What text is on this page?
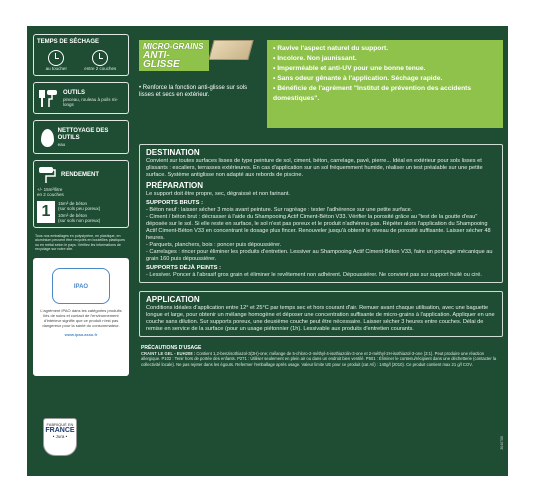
TEMPS DE SÉCHAGE
au toucher	entre 2 couches
OUTILS
pinceau, rouleau à poils mi-longs
NETTOYAGE DES OUTILS
eau
RENDEMENT
+/- 15m²/litre
en 2 couches
1	15m² de béton
(sur sols peu poreux)
10m² de béton
(sur sols non poreux)
Tous nos emballages en polystyrène, en plastique, en aluminium peuvent être recyclés en bouteilles plastiques ou en métal selon le pays. Vérifiez les informations de recyclage sur notre site.
IPAO
L'agrément IPAO dans les catégories produits liés de soins et contact de l'environnement d'intérieur signifie que ce produit n'est pas dangereux pour la santé du consommateur.
www.ipao.asso.fr
FABRIQUÉ EN
FRANCE
• Jura •
MICRO-GRAINS
ANTI-GLISSE
• Renforce la fonction anti-glisse sur sols lisses et secs en extérieur.
• Ravive l'aspect naturel du support.
• Incolore. Non jaunissant.
• Imperméable et anti-UV pour une bonne tenue.
• Sans odeur gênante à l'application. Séchage rapide.
• Bénéficie de l'agrément "Institut de prévention des accidents domestiques".
DESTINATION

Convient sur toutes surfaces lisses de type peinture de sol, ciment, béton, carrelage, pavé, pierre... Idéal en extérieur pour sols lisses et glissants : escaliers, terrasses extérieures. En cas d'application sur un sol fréquemment humide, réaliser un test préalable sur une petite surface. Système antiglisse non adapté aux rebords de piscine.

PRÉPARATION

Le support doit être propre, sec, dégraissé et non farinant.

SUPPORTS BRUTS :

- Béton neuf : laisser sécher 3 mois avant peinture. Sur ragréage : tester l'adhérence sur une petite surface.

- Ciment / béton brut : décrasser à l'aide du Shampooing Actif Ciment-Béton V33. Vérifier la porosité grâce au "test de la goutte d'eau" déposée sur le sol. Si elle reste en surface, le sol n'est pas poreux et le produit n'adhérera pas. Répéter alors l'application du Shampooing Actif Ciment-Béton V33 en concentrant le dosage plus fincer. Renouveler jusqu'à obtenir le niveau de porosité suffisante. Laisser sécher 48 heures.

- Parquets, planchers, bois : poncer puis dépoussiérer.

- Carrelages : rincer pour éliminer les produits d'entretien. Lessiver au Shampooing Actif Ciment-Béton V33, faire un ponçage mécanique au grain 160 puis dépoussiérer.

SUPPORTS DÉJÀ PEINTS :

- Lessiver. Poncer à l'abrasif gros grain et éliminer le revêtement non adhérent. Dépoussiérer. Ne convient pas sur support huilé ou ciré.

APPLICATION

Conditions idéales d'application entre 12° et 25°C par temps sec et hors courant d'air. Remuer avant chaque utilisation, avec une baguette longue et large, pour obtenir un mélange homogène et déposer une concentration suffisante de micro-grains à l'application. Appliquer en une couche sans dilution. Sur supports poreux, une deuxième couche peut être nécessaire. Laisser sécher 3 heures entre couches. Délai de remise en service de la surface (pour un usage piétonnier (1h). Lessivable aux produits d'entretien courants.

PRÉCAUTIONS D'USAGE
CRAINT LE GEL - EUH208 : Contient 1,2-benzisothiazol-3(2H)-one; mélange de 5-chloro-2-méthyl-4-isothiazolin-3-one et 2-méthyl-2H-isothiazol-3-one (3:1). Peut produire une réaction allergique. P102 : Tenir hors de portée des enfants. P271 : Utiliser seulement en plein air ou dans un endroit bien ventilé. P501 : Éliminer le contenu/récipient dans une déchetterie (contacter la collectivité locale). Ne pas rejeter dans les égouts. Refermer l'emballage après usage. Valeur limite UE pour ce produit (cat A/i) : 140g/l (2010). Ce produit contient max 21 g/l COV.
3040706
